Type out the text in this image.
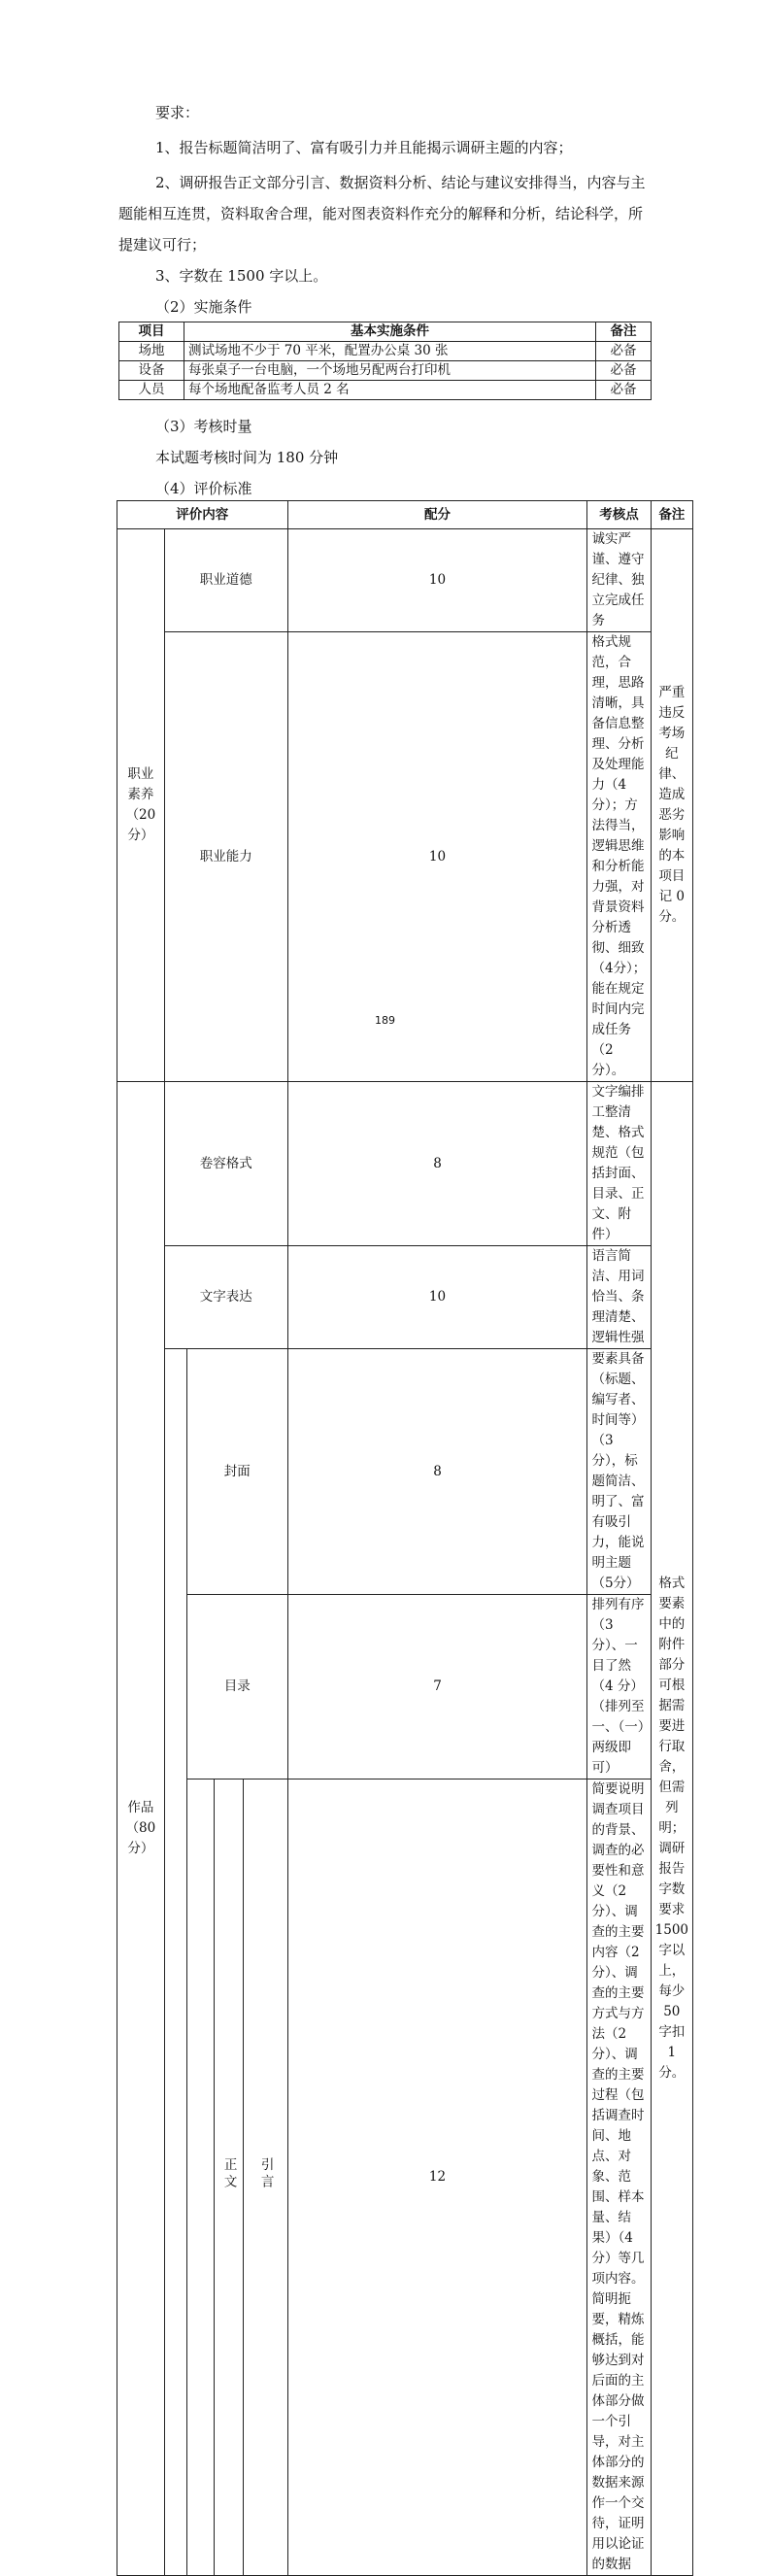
要求：
1、报告标题简洁明了、富有吸引力并且能揭示调研主题的内容；
2、调研报告正文部分引言、数据资料分析、结论与建议安排得当，内容与主题能相互连贯，资料取舍合理，能对图表资料作充分的解释和分析，结论科学，所提建议可行；
3、字数在 1500 字以上。
（2）实施条件
项目	基本实施条件	备注
场地	测试场地不少于 70 平米，配置办公桌 30 张	必备
设备	每张桌子一台电脑，一个场地另配两台打印机	必备
人员	每个场地配备监考人员 2 名	必备
（3）考核时量
本试题考核时间为 180 分钟
（4）评价标准
评价内容					配分	考核点	备注
职业素养（20分）	职业道德				10	诚实严谨、遵守纪律、独立完成任务	严重违反考场纪律、造成恶劣影响的本项目记 0 分。
	职业能力				10	格式规范，合理，思路清晰，具备信息整理、分析及处理能力（4 分）；方法得当，逻辑思维和分析能力强，对背景资料分析透彻、细致（4分）；能在规定时间内完成任务（2 分）。	
作品（80分）	卷容格式				8	文字编排工整清楚、格式规范（包括封面、目录、正文、附件）	格式要素中的附件部分可根据需要进行取舍，但需列明；调研报告字数要求 1500 字以上，每少 50 字扣 1 分。
	文字表达				10	语言简洁、用词恰当、条理清楚、逻辑性强	
		封面			8	要素具备（标题、编写者、时间等）（3 分），标题简洁、明了、富有吸引力，能说明主题（5分）	
		目录			7	排列有序（3 分）、一目了然（4 分）（排列至一、（一）两级即可）	
			正文	引言	12	简要说明调查项目的背景、调查的必要性和意义（2 分）、调查的主要内容（2 分）、调查的主要方式与方法（2 分）、调查的主要过程（包括调查时间、地点、对象、范围、样本量、结果）（4 分）等几项内容。简明扼要，精炼概括，能够达到对后面的主体部分做一个引导，对主体部分的数据来源作一个交待，证明用以论证的数据	
189
